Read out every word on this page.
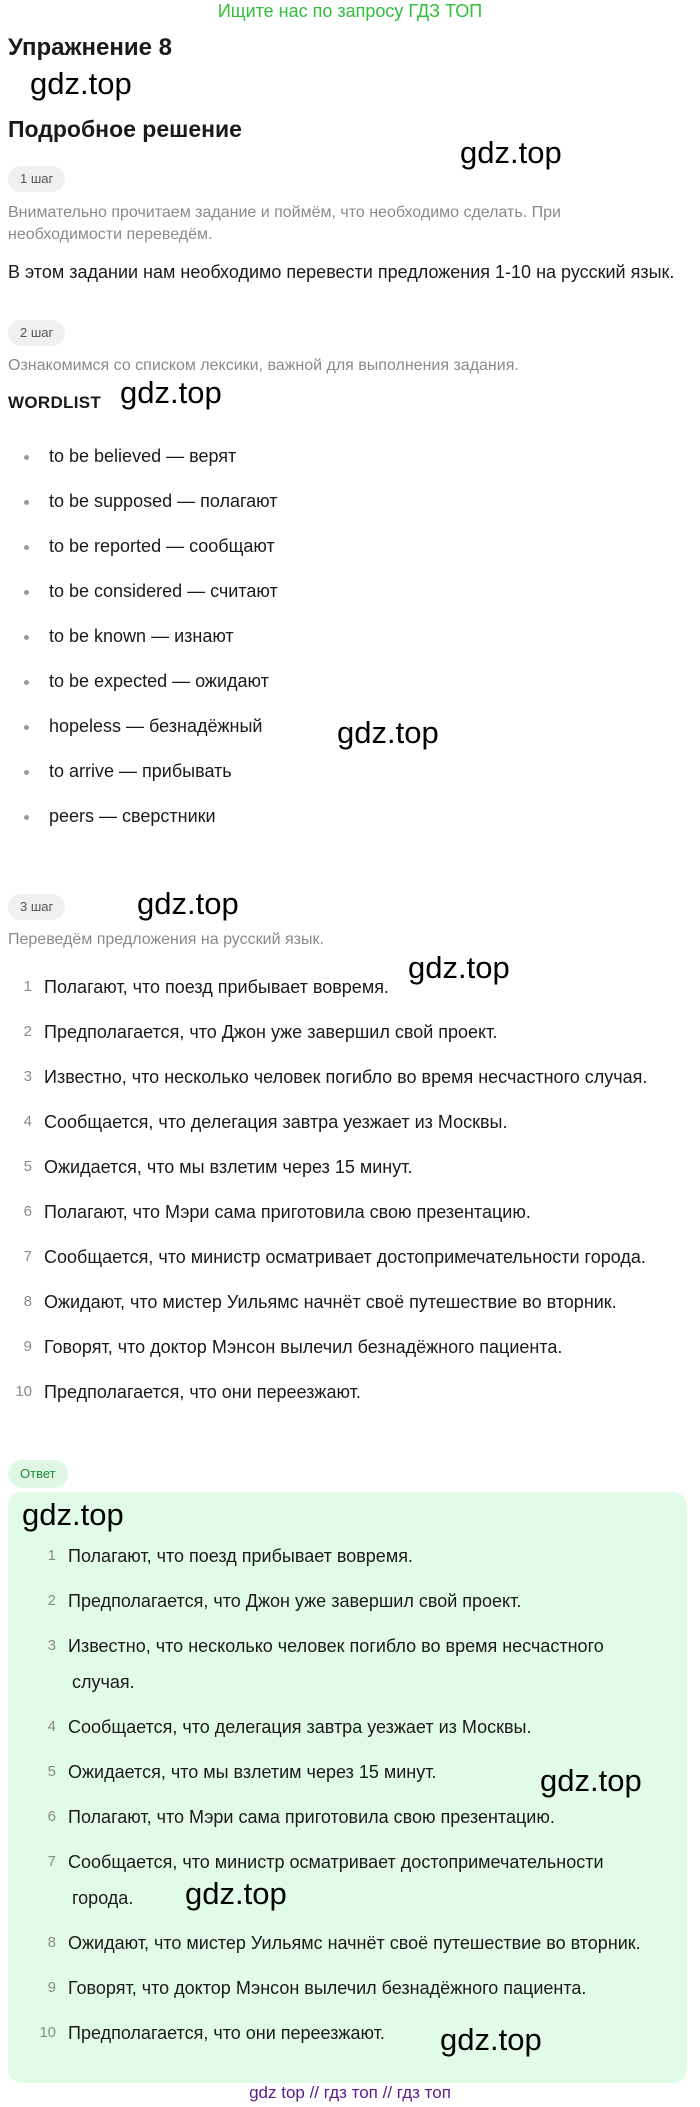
Ищите нас по запросу ГДЗ ТОП
Упражнение 8
gdz.top
Подробное решение
gdz.top
1 шаг
Внимательно прочитаем задание и поймём, что необходимо сделать. При необходимости переведём.
В этом задании нам необходимо перевести предложения 1-10 на русский язык.
2 шаг
Ознакомимся со списком лексики, важной для выполнения задания.
WORDLIST gdz.top
to be believed — верят
to be supposed — полагают
to be reported — сообщают
to be considered — считают
to be known — изнают
to be expected — ожидают
hopeless — безнадёжный gdz.top
to arrive — прибывать
peers — сверстники
3 шаг	gdz.top
Переведём предложения на русский язык.
gdz.top
1 Полагают, что поезд прибывает вовремя.
2 Предполагается, что Джон уже завершил свой проект.
3 Известно, что несколько человек погибло во время несчастного случая.
4 Сообщается, что делегация завтра уезжает из Москвы.
5 Ожидается, что мы взлетим через 15 минут.
6 Полагают, что Мэри сама приготовила свою презентацию.
7 Сообщается, что министр осматривает достопримечательности города.
8 Ожидают, что мистер Уильямс начнёт своё путешествие во вторник.
9 Говорят, что доктор Мэнсон вылечил безнадёжного пациента.
10 Предполагается, что они переезжают.
Ответ
gdz.top
1 Полагают, что поезд прибывает вовремя.
2 Предполагается, что Джон уже завершил свой проект.
3 Известно, что несколько человек погибло во время несчастного
случая.
4 Сообщается, что делегация завтра уезжает из Москвы.
5 Ожидается, что мы взлетим через 15 минут.	gdz.top
6 Полагают, что Мэри сама приготовила свою презентацию.
7 Сообщается, что министр осматривает достопримечательности
города. gdz.top
8 Ожидают, что мистер Уильямс начнёт своё путешествие во вторник.
9 Говорят, что доктор Мэнсон вылечил безнадёжного пациента.
10 Предполагается, что они переезжают. gdz.top
gdz top // гдз топ // гдз топ
